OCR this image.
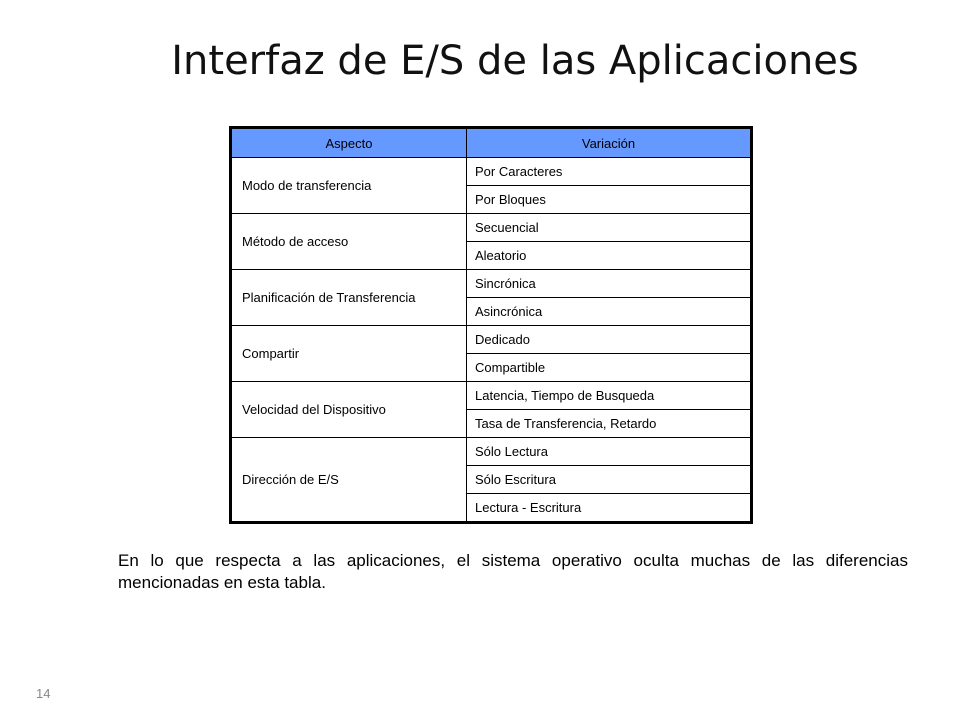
Interfaz de E/S de las Aplicaciones
Aspecto	Variación
Modo de transferencia	Por Caracteres
	Por Bloques
Método de acceso	Secuencial
	Aleatorio
Planificación de Transferencia	Sincrónica
	Asincrónica
Compartir	Dedicado
	Compartible
Velocidad del Dispositivo	Latencia, Tiempo de Busqueda
	Tasa de Transferencia, Retardo
Dirección de E/S	Sólo Lectura
	Sólo Escritura
	Lectura - Escritura
En lo que respecta a las aplicaciones, el sistema operativo oculta muchas de las diferencias mencionadas en esta tabla.
14
